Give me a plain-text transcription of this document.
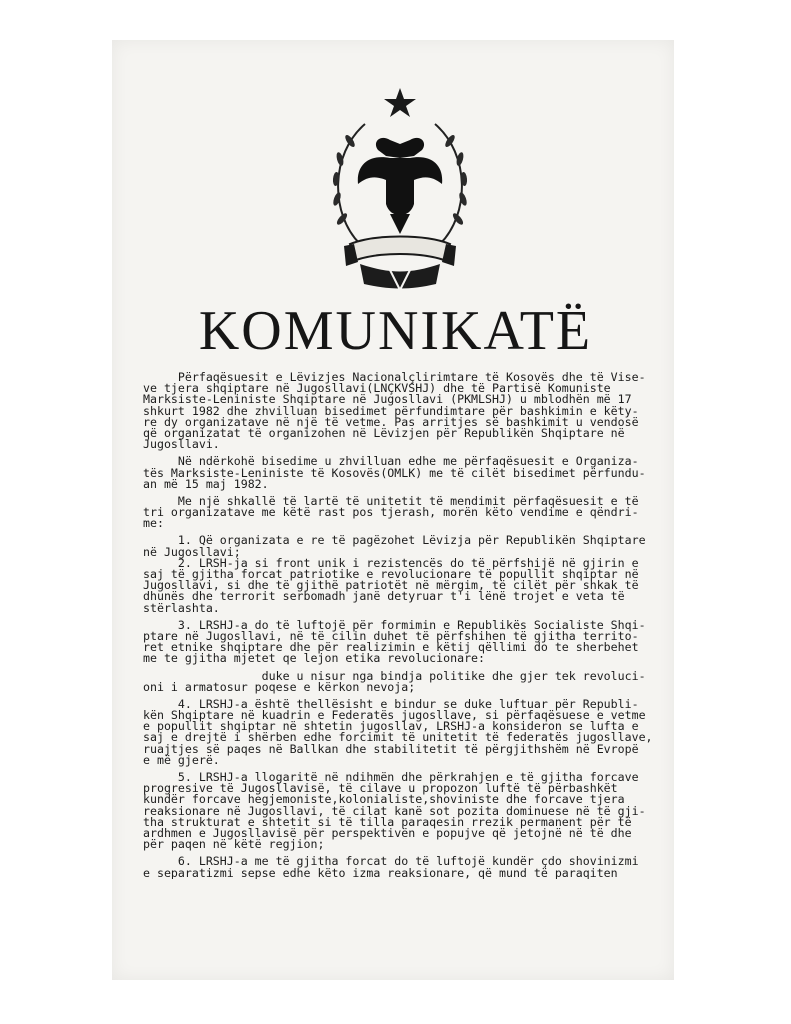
KOMUNIKATË
Përfaqësuesit e Lëvizjes Nacionalçlirimtare të Kosovës dhe të Vise-
ve tjera shqiptare në Jugosllavi(LNÇKVSHJ) dhe të Partisë Komuniste
Marksiste-Leniniste Shqiptare në Jugosllavi (PKMLSHJ) u mblodhën më 17
shkurt 1982 dhe zhvilluan bisedimet përfundimtare për bashkimin e këty-
re dy organizatave në një të vetme. Pas arritjes së bashkimit u vendosë
që organizatat të organizohen në Lëvizjen për Republikën Shqiptare në
Jugosllavi.
Në ndërkohë bisedime u zhvilluan edhe me përfaqësuesit e Organiza-
tës Marksiste-Leniniste të Kosovës(OMLK) me të cilët bisedimet përfundu-
an më 15 maj 1982.
Me një shkallë të lartë të unitetit të mendimit përfaqësuesit e të
tri organizatave me këtë rast pos tjerash, morën këto vendime e qëndri-
me:
1. Që organizata e re të pagëzohet Lëvizja për Republikën Shqiptare
në Jugosllavi;
2. LRSH-ja si front unik i rezistencës do të përfshijë në gjirin e
saj të gjitha forcat patriotike e revolucionare të popullit shqiptar në
Jugosllavi, si dhe të gjithë patriotët në mërgim, të cilët për shkak të
dhunës dhe terrorit serbomadh janë detyruar t'i lënë trojet e veta të
stërlashta.
3. LRSHJ-a do të luftojë për formimin e Republikës Socialiste Shqi-
ptare në Jugosllavi, në të cilin duhet të përfshihen të gjitha territo-
ret etnike shqiptare dhe për realizimin e këtij qëllimi do te sherbehet
me te gjitha mjetet qe lejon etika revolucionare:
duke u nisur nga bindja politike dhe gjer tek revoluci-
oni i armatosur poqese e kërkon nevoja;
4. LRSHJ-a është thellësisht e bindur se duke luftuar për Republi-
kën Shqiptare në kuadrin e Federatës jugosllave, si përfaqësuese e vetme
e popullit shqiptar në shtetin jugosllav, LRSHJ-a konsideron se lufta e
saj e drejtë i shërben edhe forcimit të unitetit të federatës jugosllave,
ruajtjes së paqes në Ballkan dhe stabilitetit të përgjithshëm në Evropë
e më gjerë.
5. LRSHJ-a llogaritë në ndihmën dhe përkrahjen e të gjitha forcave
progresive të Jugosllavisë, të cilave u propozon luftë të përbashkët
kundër forcave hegjemoniste,kolonialiste,shoviniste dhe forcave tjera
reaksionare në Jugosllavi, të cilat kanë sot pozita dominuese në të gji-
tha strukturat e shtetit si të tilla paraqesin rrezik permanent për të
ardhmen e Jugosllavisë për perspektivën e popujve që jetojnë në të dhe
për paqen në këtë regjion;
6. LRSHJ-a me të gjitha forcat do të luftojë kundër çdo shovinizmi
e separatizmi sepse edhe këto izma reaksionare, që mund të paraqiten
